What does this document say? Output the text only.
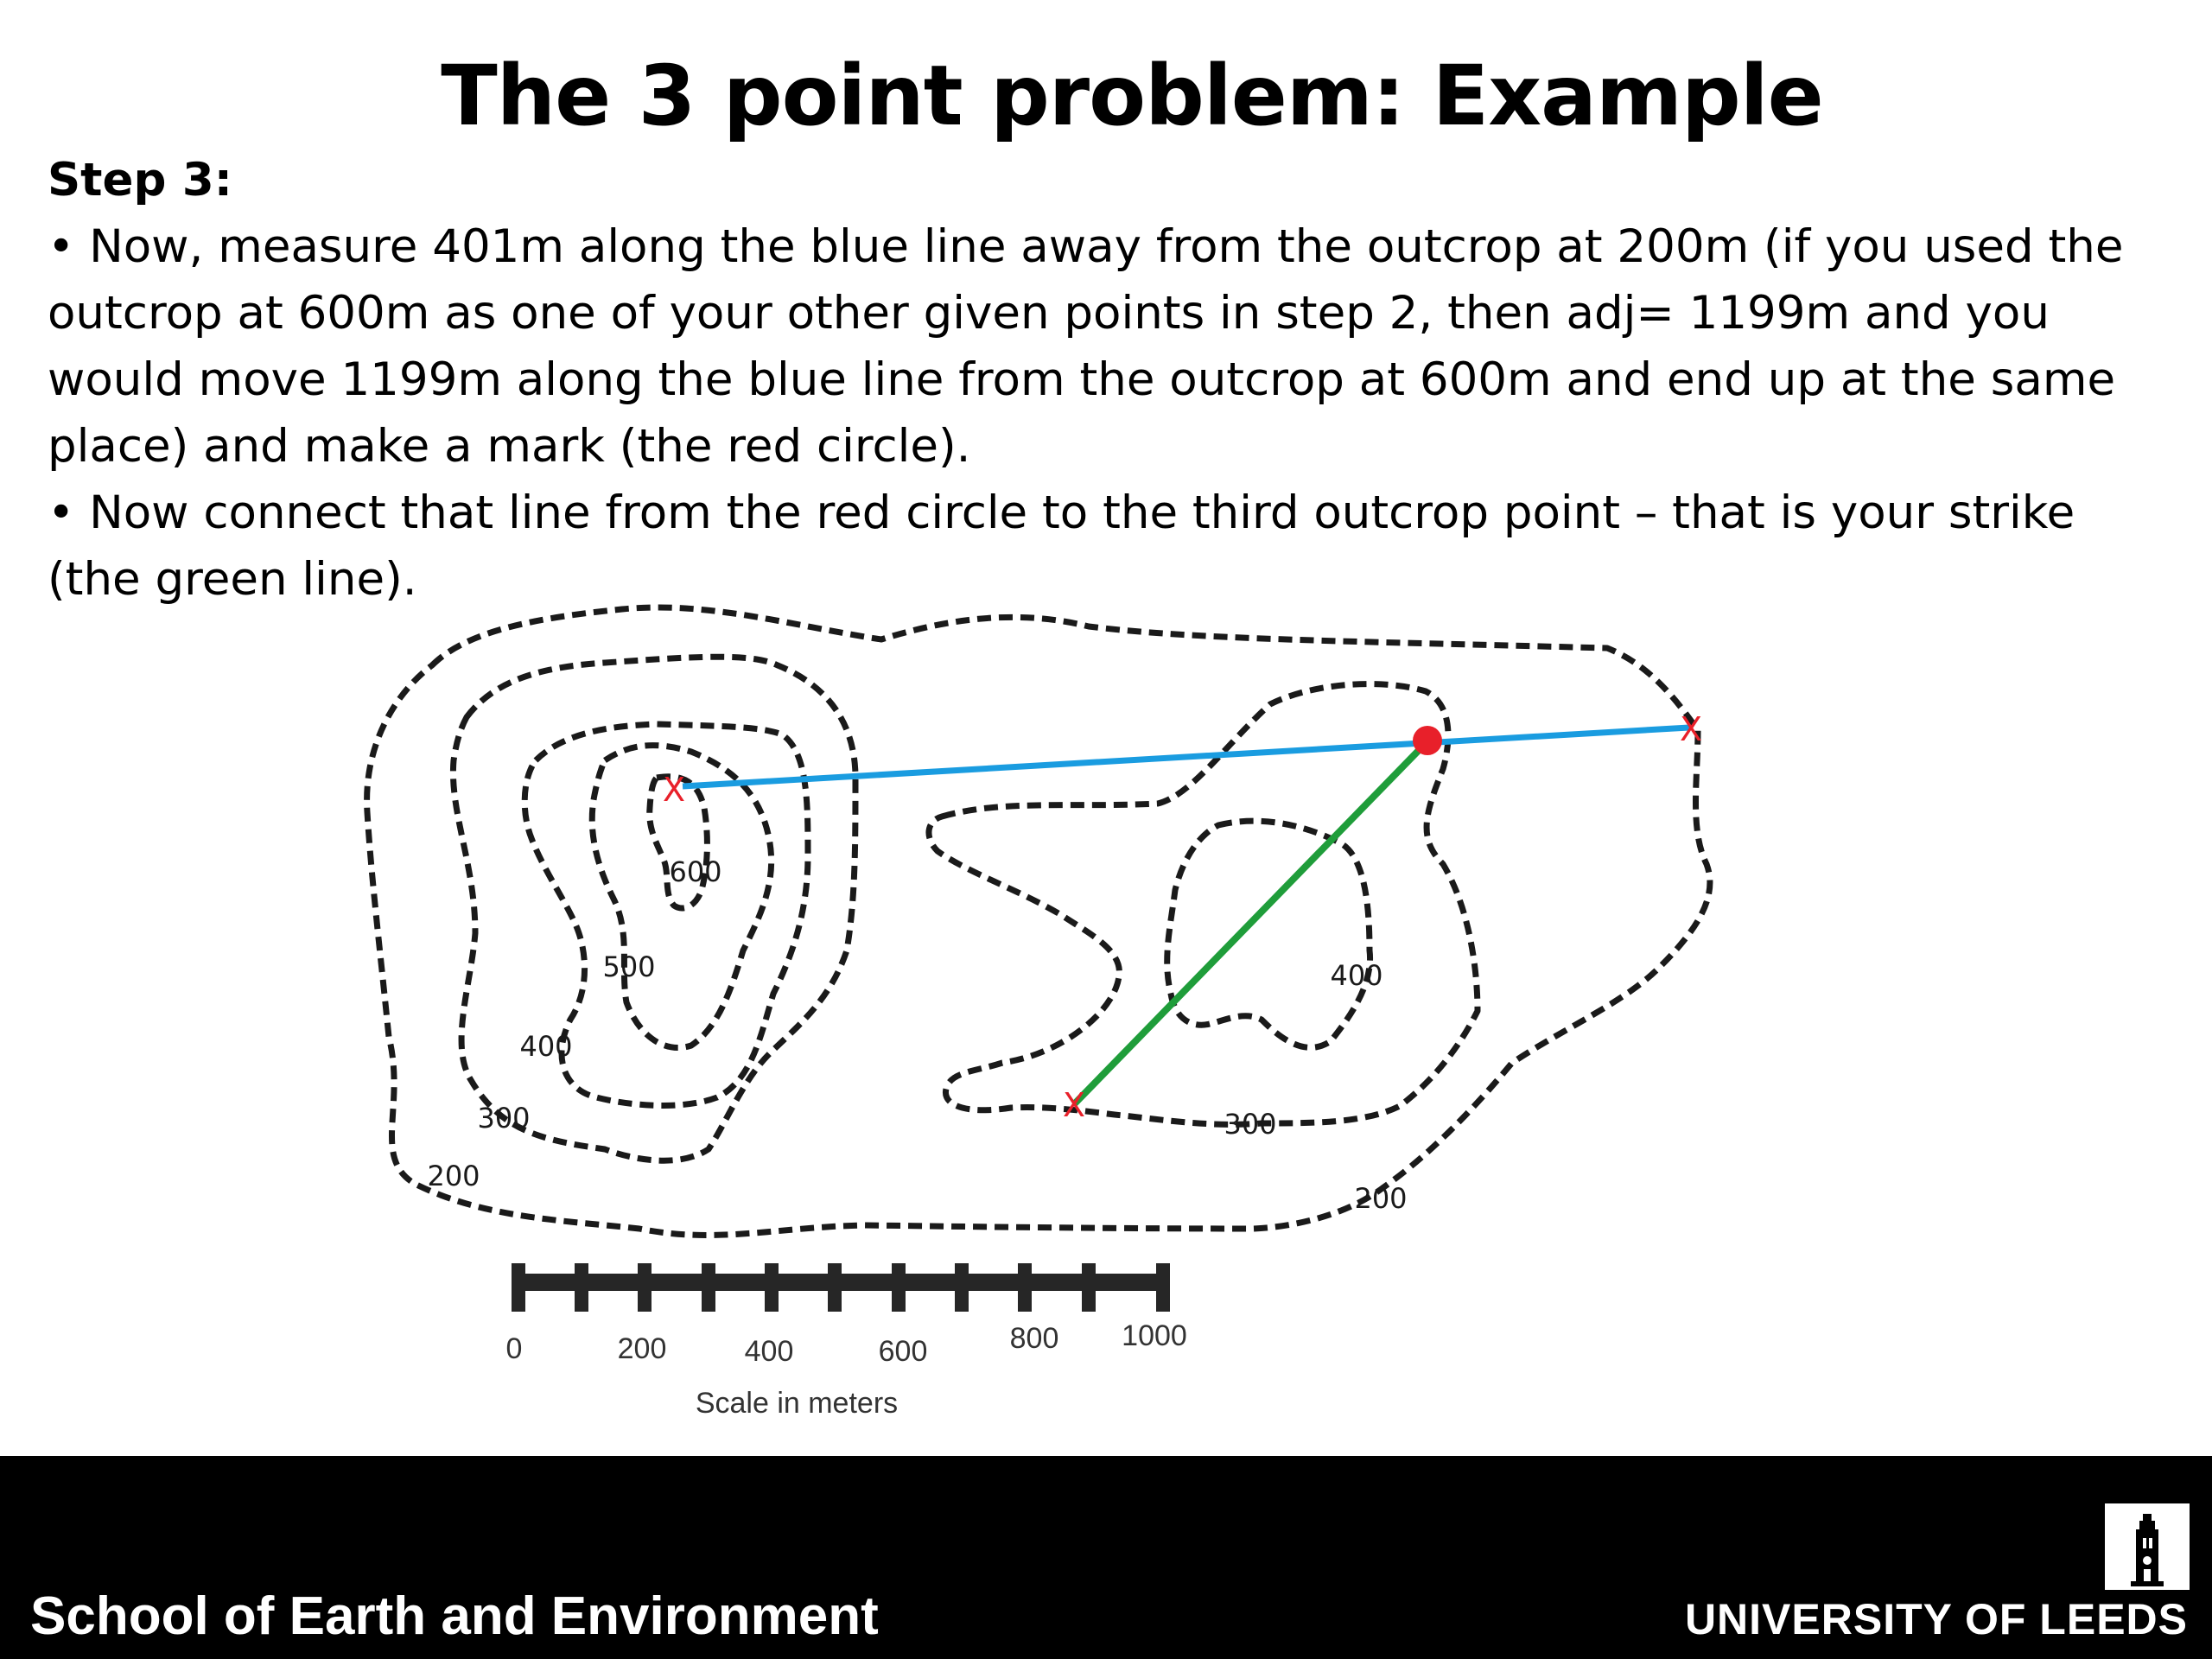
The 3 point problem: Example
Step 3:
• Now, measure 401m along the blue line away from the outcrop at 200m (if you used the outcrop at 600m as one of your other given points in step 2, then adj= 1199m and you would move 1199m along the blue line from the outcrop at 600m and end up at the same place) and make a mark (the red circle).
• Now connect that line from the red circle to the third outcrop point – that is your strike (the green line).
X
X
X
600
500
400
300
200
400
300
200
0	200	400	600	800 1000
Scale in meters
School of Earth and Environment	UNIVERSITY OF LEEDS
